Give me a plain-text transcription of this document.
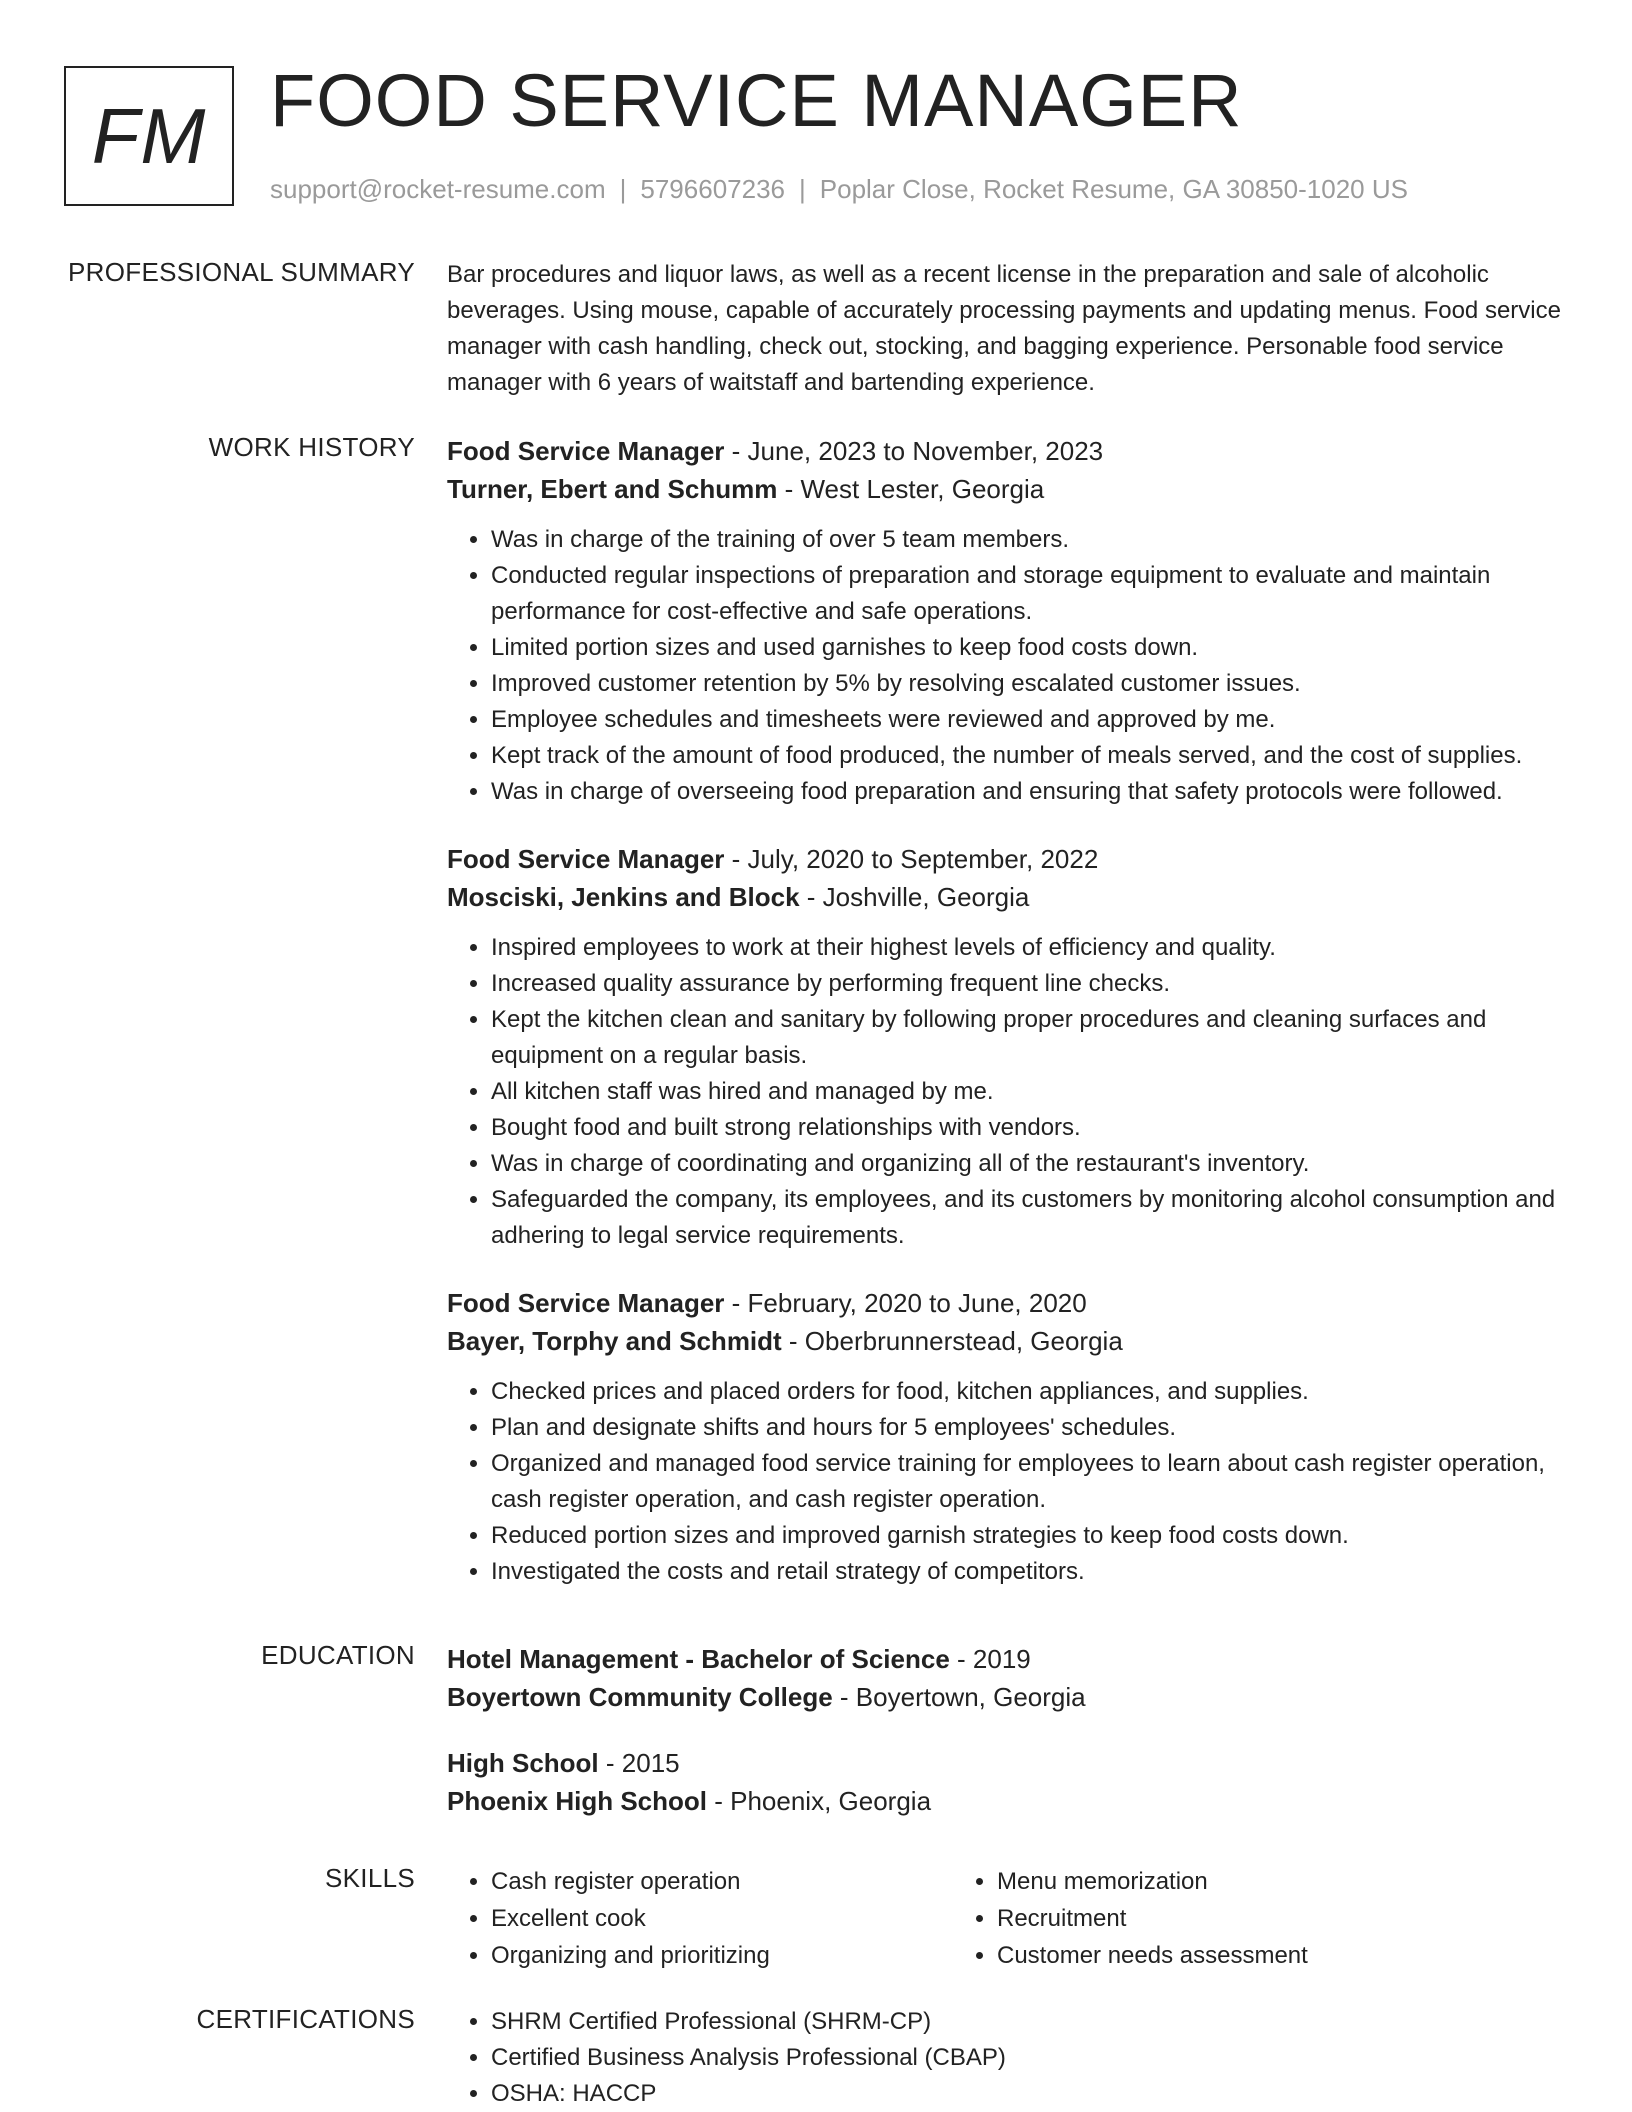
FM FOOD SERVICE MANAGER
support@rocket-resume.com | 5796607236 | Poplar Close, Rocket Resume, GA 30850-1020 US
PROFESSIONAL SUMMARY Bar procedures and liquor laws, as well as a recent license in the preparation and sale of alcoholic beverages. Using mouse, capable of accurately processing payments and updating menus. Food service manager with cash handling, check out, stocking, and bagging experience. Personable food service manager with 6 years of waitstaff and bartending experience.

WORK HISTORY Food Service Manager - June, 2023 to November, 2023
Turner, Ebert and Schumm - West Lester, Georgia
• Was in charge of the training of over 5 team members.
• Conducted regular inspections of preparation and storage equipment to evaluate and maintain performance for cost-effective and safe operations.
• Limited portion sizes and used garnishes to keep food costs down.
• Improved customer retention by 5% by resolving escalated customer issues.
• Employee schedules and timesheets were reviewed and approved by me.
• Kept track of the amount of food produced, the number of meals served, and the cost of supplies.
• Was in charge of overseeing food preparation and ensuring that safety protocols were followed.
Food Service Manager - July, 2020 to September, 2022
Mosciski, Jenkins and Block - Joshville, Georgia
• Inspired employees to work at their highest levels of efficiency and quality.
• Increased quality assurance by performing frequent line checks.
• Kept the kitchen clean and sanitary by following proper procedures and cleaning surfaces and equipment on a regular basis.
• All kitchen staff was hired and managed by me.
• Bought food and built strong relationships with vendors.
• Was in charge of coordinating and organizing all of the restaurant's inventory.
• Safeguarded the company, its employees, and its customers by monitoring alcohol consumption and adhering to legal service requirements.
Food Service Manager - February, 2020 to June, 2020
Bayer, Torphy and Schmidt - Oberbrunnerstead, Georgia
• Checked prices and placed orders for food, kitchen appliances, and supplies.
• Plan and designate shifts and hours for 5 employees' schedules.
• Organized and managed food service training for employees to learn about cash register operation, cash register operation, and cash register operation.
• Reduced portion sizes and improved garnish strategies to keep food costs down.
• Investigated the costs and retail strategy of competitors.
EDUCATION Hotel Management - Bachelor of Science - 2019
Boyertown Community College - Boyertown, Georgia
High School - 2015
Phoenix High School - Phoenix, Georgia
SKILLS	• Cash register operation
• Excellent cook
• Organizing and prioritizing
• Menu memorization
• Recruitment
• Customer needs assessment
CERTIFICATIONS	• SHRM Certified Professional (SHRM-CP)
• Certified Business Analysis Professional (CBAP)
• OSHA: HACCP
